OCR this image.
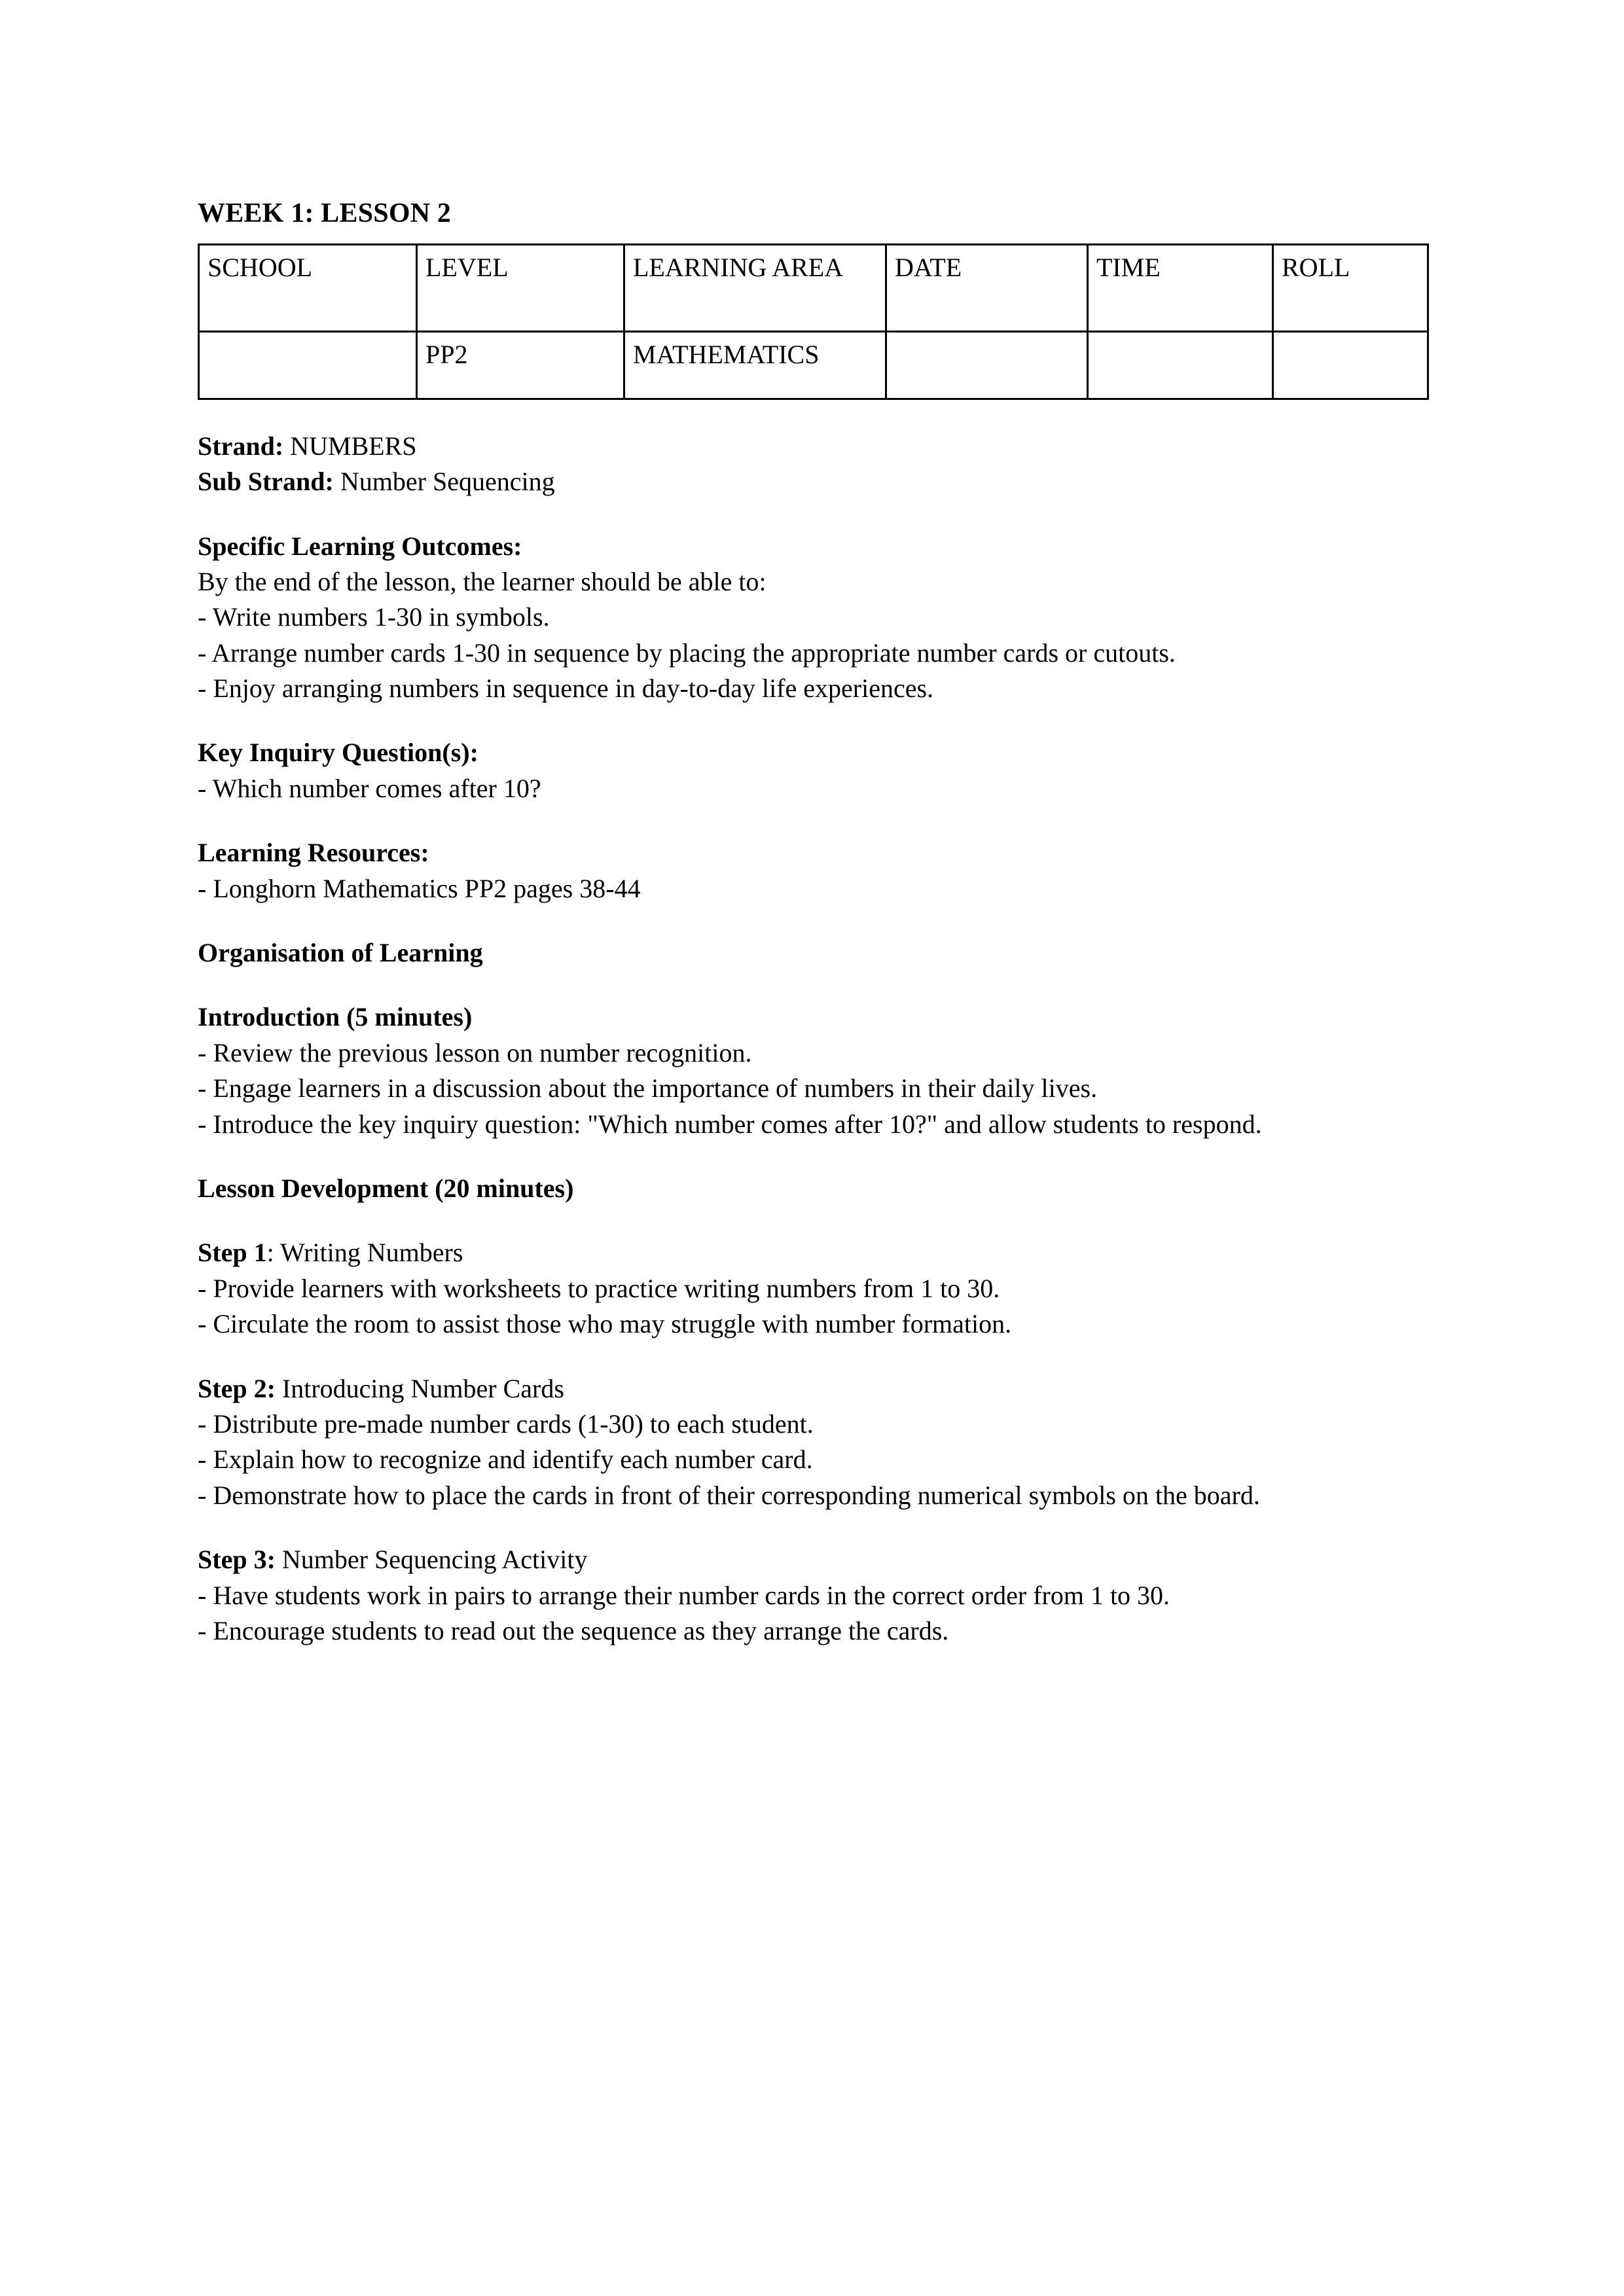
WEEK 1: LESSON 2
SCHOOL	LEVEL	LEARNING AREA	DATE	TIME	ROLL
	PP2	MATHEMATICS			

Strand: NUMBERS

Sub Strand: Number Sequencing

Specific Learning Outcomes:

By the end of the lesson, the learner should be able to:

- Write numbers 1-30 in symbols.

- Arrange number cards 1-30 in sequence by placing the appropriate number cards or cutouts.

- Enjoy arranging numbers in sequence in day-to-day life experiences.

Key Inquiry Question(s):

- Which number comes after 10?

Learning Resources:

- Longhorn Mathematics PP2 pages 38-44

Organisation of Learning

Introduction (5 minutes)

- Review the previous lesson on number recognition.

- Engage learners in a discussion about the importance of numbers in their daily lives.

- Introduce the key inquiry question: "Which number comes after 10?" and allow students to respond.

Lesson Development (20 minutes)

Step 1: Writing Numbers

- Provide learners with worksheets to practice writing numbers from 1 to 30.

- Circulate the room to assist those who may struggle with number formation.

Step 2: Introducing Number Cards

- Distribute pre-made number cards (1-30) to each student.

- Explain how to recognize and identify each number card.

- Demonstrate how to place the cards in front of their corresponding numerical symbols on the board.

Step 3: Number Sequencing Activity

- Have students work in pairs to arrange their number cards in the correct order from 1 to 30.

- Encourage students to read out the sequence as they arrange the cards.
